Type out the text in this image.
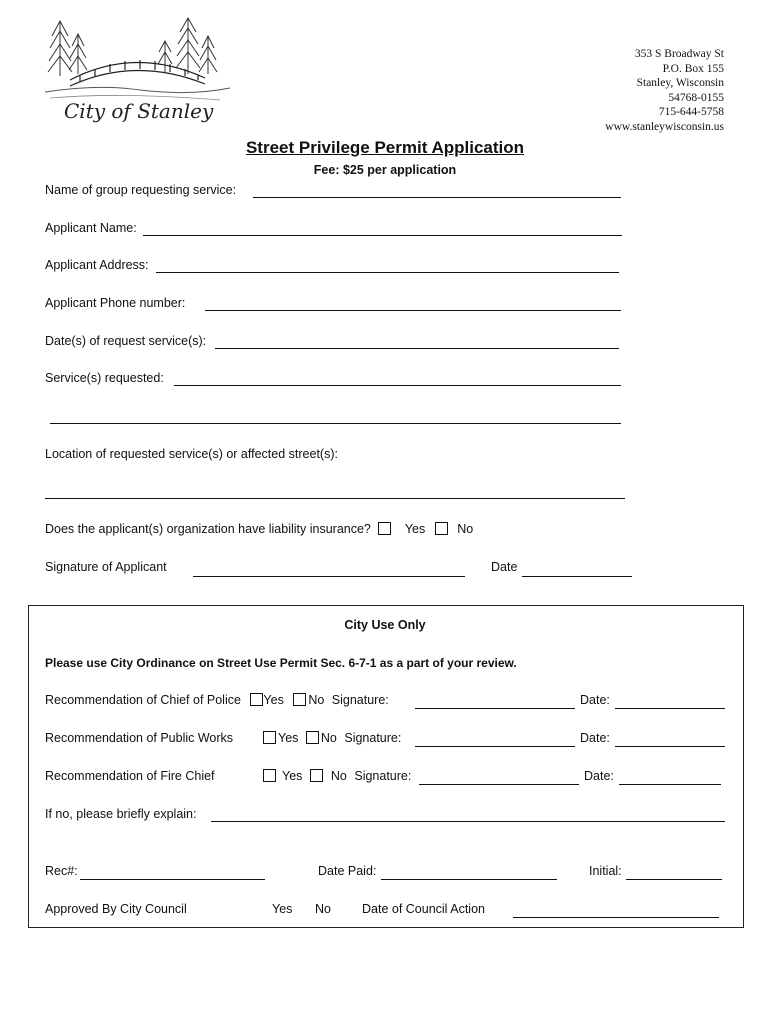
City of Stanley
353 S Broadway St
P.O. Box 155
Stanley, Wisconsin
54768-0155
715-644-5758
www.stanleywisconsin.us
Street Privilege Permit Application
Fee: $25 per application
Name of group requesting service:
Applicant Name:
Applicant Address:
Applicant Phone number:
Date(s) of request service(s):
Service(s) requested:
Location of requested service(s) or affected street(s):
Does the applicant(s) organization have liability insurance?	Yes	No
Signature of Applicant	Date
City Use Only
Please use City Ordinance on Street Use Permit Sec. 6-7-1 as a part of your review.
Recommendation of Chief of Police Yes No Signature:	Date:
Recommendation of Public Works	Yes No Signature:	Date:
Recommendation of Fire Chief	Yes No Signature:	Date:
If no, please briefly explain:
Rec#:	Date Paid:	Initial:
Approved By City Council	Yes No Date of Council Action
